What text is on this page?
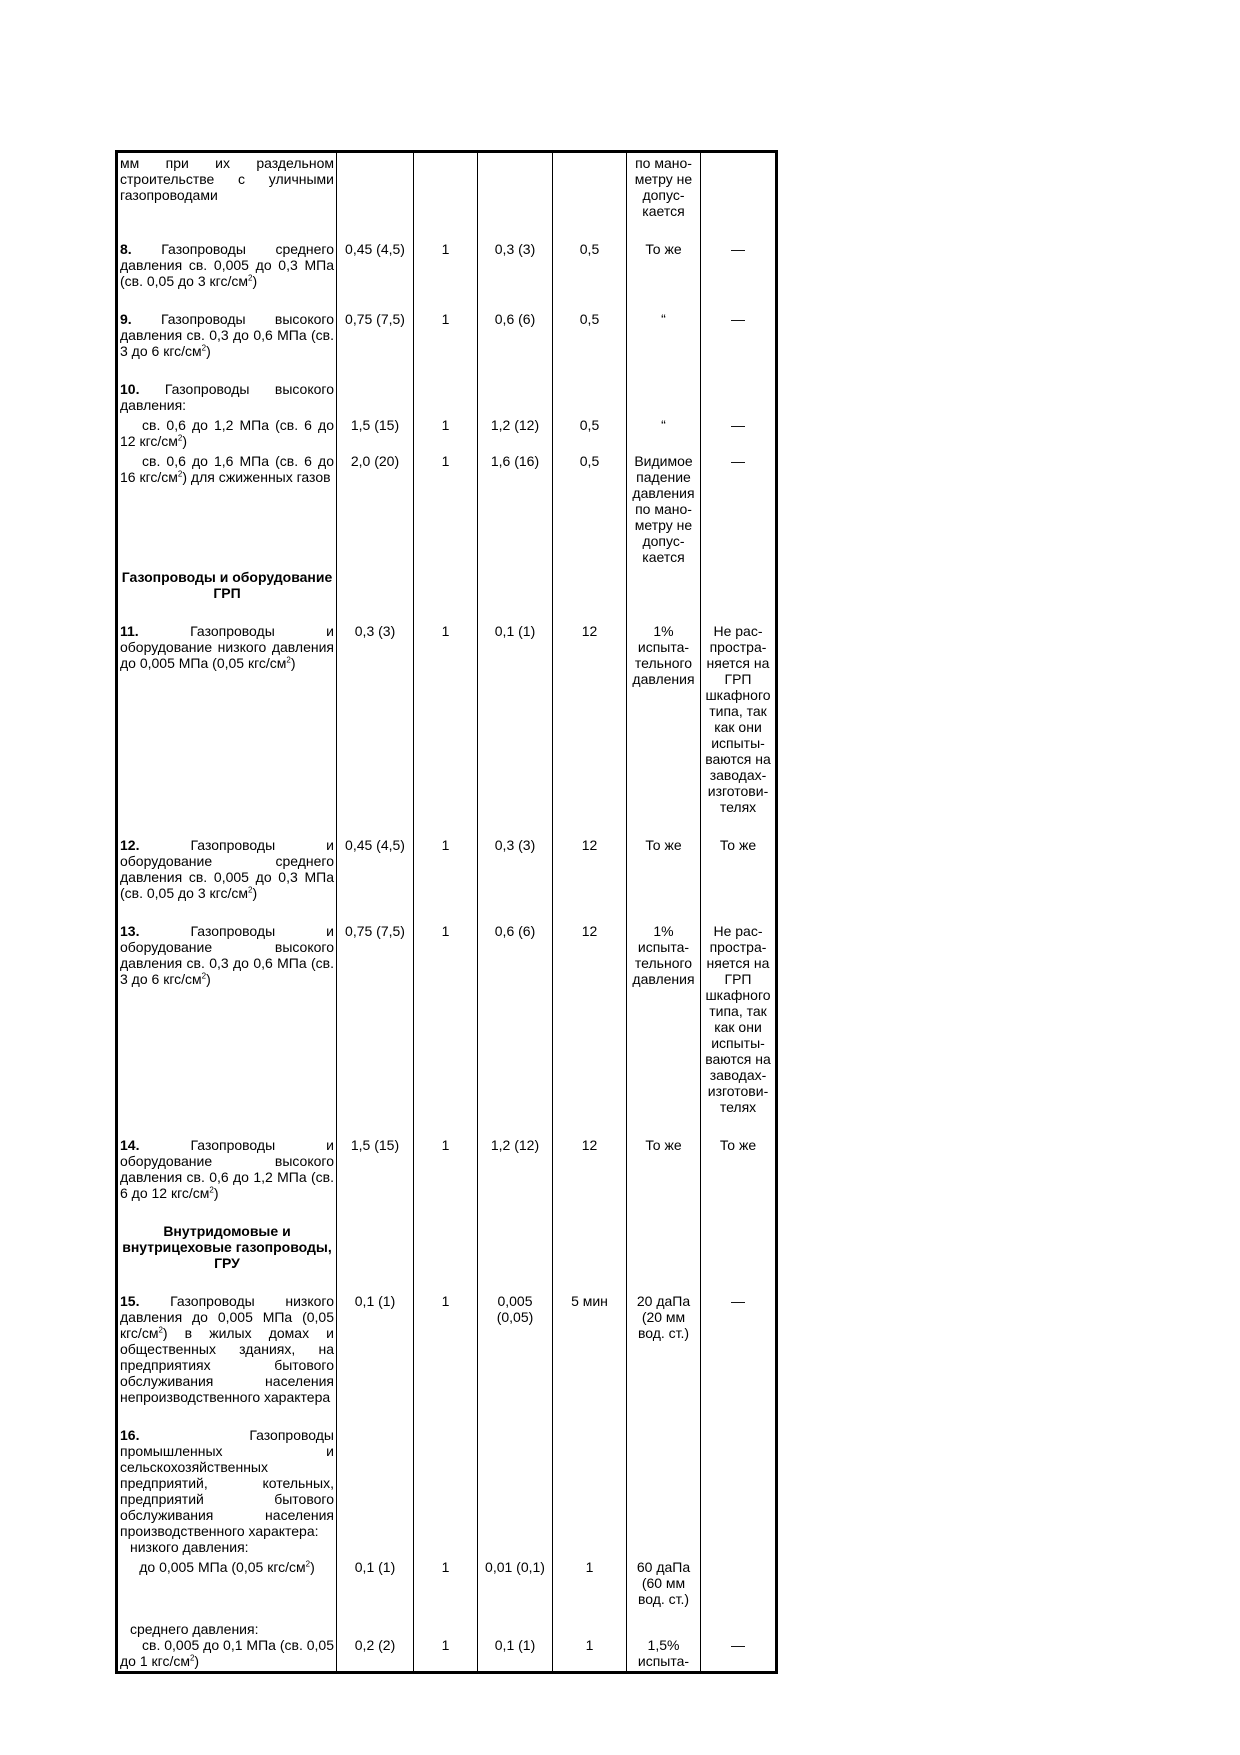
мм при их раздельном строительстве с уличными газопроводами					по мано-метру не допус-кается	

8. Газопроводы среднего давления св. 0,005 до 0,3 МПа (св. 0,05 до 3 кгс/$см^2$)	0,45 (4,5)	1	0,3 (3)	0,5	То же	—

9. Газопроводы высокого давления св. 0,3 до 0,6 МПа (св. 3 до 6 кгс/$см^2$)	0,75 (7,5)	1	0,6 (6)	0,5	“	—

10. Газопроводы высокого давления:						

св. 0,6 до 1,2 МПа (св. 6 до 12 кгс/$см^2$)	1,5 (15)	1	1,2 (12)	0,5	“	—

св. 0,6 до 1,6 МПа (св. 6 до 16 кгс/$см^2$) для сжиженных газов	2,0 (20)	1	1,6 (16)	0,5	Видимое падение давления по мано-метру не допус-кается	—
Газопроводы и оборудование ГРП						

11. Газопроводы и оборудование низкого давления до 0,005 МПа (0,05 кгс/$см^2$)	0,3 (3)	1	0,1 (1)	12	1% испыта-тельного давления	Не рас-простра-няется на ГРП шкафного типа, так как они испыты-ваются на заводах-изготови-телях

12. Газопроводы и оборудование среднего давления св. 0,005 до 0,3 МПа (св. 0,05 до 3 кгс/$см^2$)	0,45 (4,5)	1	0,3 (3)	12	То же	То же

13. Газопроводы и оборудование высокого давления св. 0,3 до 0,6 МПа (св. 3 до 6 кгс/$см^2$)	0,75 (7,5)	1	0,6 (6)	12	1% испыта-тельного давления	Не рас-простра-няется на ГРП шкафного типа, так как они испыты-ваются на заводах-изготови-телях

14. Газопроводы и оборудование высокого давления св. 0,6 до 1,2 МПа (св. 6 до 12 кгс/$см^2$)	1,5 (15)	1	1,2 (12)	12	То же	То же

Внутридомовые и внутрицеховые газопроводы, ГРУ						

15. Газопроводы низкого давления до 0,005 МПа (0,05 кгс/$см^2$) в жилых домах и общественных зданиях, на предприятиях бытового обслуживания населения непроизводственного характера	0,1 (1)	1	0,005 (0,05)	5 мин	20 даПа (20 мм вод. ст.)	—

16. Газопроводы промышленных и сельскохозяйственных предприятий, котельных, предприятий бытового обслуживания населения производственного характера:
низкого давления:						

до 0,005 МПа (0,05 кгс/$см^2$)	0,1 (1)	1	0,01 (0,1)	1	60 даПа (60 мм вод. ст.)	

среднего давления:
св. 0,005 до 0,1 МПа (св. 0,05 до 1 кгс/$см^2$)	0,2 (2)	1	0,1 (1)	1	1,5% испыта-	—
